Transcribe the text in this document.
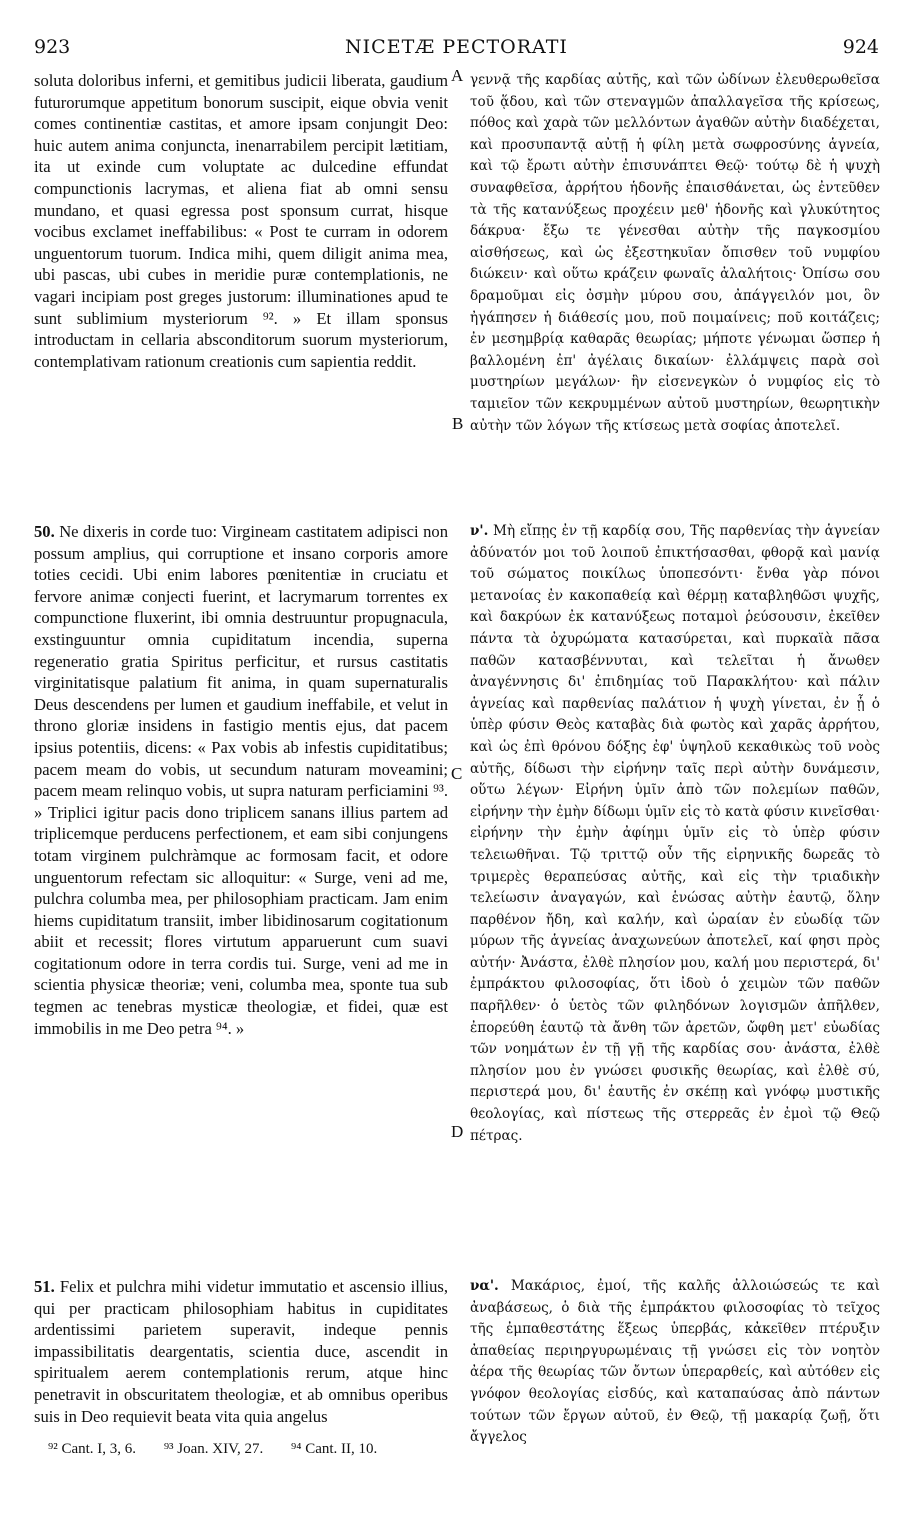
923	NICETÆ PECTORATI	924
A
B
C
D

soluta doloribus inferni, et gemitibus judicii liberata, gaudium futurorumque appetitum bonorum suscipit, eique obvia venit comes continentiæ castitas, et amore ipsam conjungit Deo: huic autem anima conjuncta, inenarrabilem percipit lætitiam, ita ut exinde cum voluptate ac dulcedine effundat compunctionis lacrymas, et aliena fiat ab omni sensu mundano, et quasi egressa post sponsum currat, hisque vocibus exclamet ineffabilibus: « Post te curram in odorem unguentorum tuorum. Indica mihi, quem diligit anima mea, ubi pascas, ubi cubes in meridie puræ contemplationis, ne vagari incipiam post greges justorum: illuminationes apud te sunt sublimium mysteriorum ⁹². » Et illam sponsus introductam in cellaria absconditorum suorum mysteriorum, contemplativam rationum creationis cum sapientia reddit.

50. Ne dixeris in corde tuo: Virgineam castitatem adipisci non possum amplius, qui corruptione et insano corporis amore toties cecidi. Ubi enim labores pœnitentiæ in cruciatu et fervore animæ conjecti fuerint, et lacrymarum torrentes ex compunctione fluxerint, ibi omnia destruuntur propugnacula, exstinguuntur omnia cupiditatum incendia, superna regeneratio gratia Spiritus perficitur, et rursus castitatis virginitatisque palatium fit anima, in quam supernaturalis Deus descendens per lumen et gaudium ineffabile, et velut in throno gloriæ insidens in fastigio mentis ejus, dat pacem ipsius potentiis, dicens: « Pax vobis ab infestis cupiditatibus; pacem meam do vobis, ut secundum naturam moveamini; pacem meam relinquo vobis, ut supra naturam perficiamini ⁹³. » Triplici igitur pacis dono triplicem sanans illius partem ad triplicemque perducens perfectionem, et eam sibi conjungens totam virginem pulchràmque ac formosam facit, et odore unguentorum refectam sic alloquitur: « Surge, veni ad me, pulchra columba mea, per philosophiam practicam. Jam enim hiems cupiditatum transiit, imber libidinosarum cogitationum abiit et recessit; flores virtutum apparuerunt cum suavi cogitationum odore in terra cordis tui. Surge, veni ad me in scientia physicæ theoriæ; veni, columba mea, sponte tua sub tegmen ac tenebras mysticæ theologiæ, et fidei, quæ est immobilis in me Deo petra ⁹⁴. »

51. Felix et pulchra mihi videtur immutatio et ascensio illius, qui per practicam philosophiam habitus in cupiditates ardentissimi parietem superavit, indeque pennis impassibilitatis deargentatis, scientia duce, ascendit in spiritualem aerem contemplationis rerum, atque hinc penetravit in obscuritatem theologiæ, et ab omnibus operibus suis in Deo requievit beata vita quia angelus

γεννᾷ τῆς καρδίας αὐτῆς, καὶ τῶν ὠδίνων ἐλευθερωθεῖσα τοῦ ᾅδου, καὶ τῶν στεναγμῶν ἀπαλλαγεῖσα τῆς κρίσεως, πόθος καὶ χαρὰ τῶν μελλόντων ἀγαθῶν αὐτὴν διαδέχεται, καὶ προσυπαντᾷ αὐτῇ ἡ φίλη μετὰ σωφροσύνης ἁγνεία, καὶ τῷ ἔρωτι αὐτὴν ἐπισυνάπτει Θεῷ· τούτῳ δὲ ἡ ψυχὴ συναφθεῖσα, ἀρρήτου ἡδονῆς ἐπαισθάνεται, ὡς ἐντεῦθεν τὰ τῆς κατανύξεως προχέειν μεθ' ἡδονῆς καὶ γλυκύτητος δάκρυα· ἔξω τε γένεσθαι αὐτὴν τῆς παγκοσμίου αἰσθήσεως, καὶ ὡς ἐξεστηκυῖαν ὄπισθεν τοῦ νυμφίου διώκειν· καὶ οὕτω κράζειν φωναῖς ἀλαλήτοις· Ὀπίσω σου δραμοῦμαι εἰς ὀσμὴν μύρου σου, ἀπάγγειλόν μοι, ὃν ἠγάπησεν ἡ διάθεσίς μου, ποῦ ποιμαίνεις; ποῦ κοιτάζεις; ἐν μεσημβρίᾳ καθαρᾶς θεωρίας; μήποτε γένωμαι ὥσπερ ἡ βαλλομένη ἐπ' ἀγέλαις δικαίων· ἐλλάμψεις παρὰ σοὶ μυστηρίων μεγάλων· ἣν εἰσενεγκὼν ὁ νυμφίος εἰς τὸ ταμιεῖον τῶν κεκρυμμένων αὐτοῦ μυστηρίων, θεωρητικὴν αὐτὴν τῶν λόγων τῆς κτίσεως μετὰ σοφίας ἀποτελεῖ.

ν'. Μὴ εἴπῃς ἐν τῇ καρδίᾳ σου, Τῆς παρθενίας τὴν ἁγνείαν ἀδύνατόν μοι τοῦ λοιποῦ ἐπικτήσασθαι, φθορᾷ καὶ μανίᾳ τοῦ σώματος ποικίλως ὑποπεσόντι· ἔνθα γὰρ πόνοι μετανοίας ἐν κακοπαθείᾳ καὶ θέρμῃ καταβληθῶσι ψυχῆς, καὶ δακρύων ἐκ κατανύξεως ποταμοὶ ῥεύσουσιν, ἐκεῖθεν πάντα τὰ ὀχυρώματα κατασύρεται, καὶ πυρκαϊὰ πᾶσα παθῶν κατασβέννυται, καὶ τελεῖται ἡ ἄνωθεν ἀναγέννησις δι' ἐπιδημίας τοῦ Παρακλήτου· καὶ πάλιν ἁγνείας καὶ παρθενίας παλάτιον ἡ ψυχὴ γίνεται, ἐν ᾗ ὁ ὑπὲρ φύσιν Θεὸς καταβὰς διὰ φωτὸς καὶ χαρᾶς ἀρρήτου, καὶ ὡς ἐπὶ θρόνου δόξης ἐφ' ὑψηλοῦ κεκαθικὼς τοῦ νοὸς αὐτῆς, δίδωσι τὴν εἰρήνην ταῖς περὶ αὐτὴν δυνάμεσιν, οὕτω λέγων· Εἰρήνη ὑμῖν ἀπὸ τῶν πολεμίων παθῶν, εἰρήνην τὴν ἐμὴν δίδωμι ὑμῖν εἰς τὸ κατὰ φύσιν κινεῖσθαι· εἰρήνην τὴν ἐμὴν ἀφίημι ὑμῖν εἰς τὸ ὑπὲρ φύσιν τελειωθῆναι. Τῷ τριττῷ οὖν τῆς εἰρηνικῆς δωρεᾶς τὸ τριμερὲς θεραπεύσας αὐτῆς, καὶ εἰς τὴν τριαδικὴν τελείωσιν ἀναγαγών, καὶ ἑνώσας αὐτὴν ἑαυτῷ, ὅλην παρθένον ἤδη, καὶ καλήν, καὶ ὡραίαν ἐν εὐωδίᾳ τῶν μύρων τῆς ἁγνείας ἀναχωνεύων ἀποτελεῖ, καί φησι πρὸς αὐτήν· Ἀνάστα, ἐλθὲ πλησίον μου, καλή μου περιστερά, δι' ἐμπράκτου φιλοσοφίας, ὅτι ἰδοὺ ὁ χειμὼν τῶν παθῶν παρῆλθεν· ὁ ὑετὸς τῶν φιληδόνων λογισμῶν ἀπῆλθεν, ἐπορεύθη ἑαυτῷ τὰ ἄνθη τῶν ἀρετῶν, ὤφθη μετ' εὐωδίας τῶν νοημάτων ἐν τῇ γῇ τῆς καρδίας σου· ἀνάστα, ἐλθὲ πλησίον μου ἐν γνώσει φυσικῆς θεωρίας, καὶ ἐλθὲ σύ, περιστερά μου, δι' ἑαυτῆς ἐν σκέπῃ καὶ γνόφῳ μυστικῆς θεολογίας, καὶ πίστεως τῆς στερρεᾶς ἐν ἐμοὶ τῷ Θεῷ πέτρας.

να'. Μακάριος, ἐμοί, τῆς καλῆς ἀλλοιώσεώς τε καὶ ἀναβάσεως, ὁ διὰ τῆς ἐμπράκτου φιλοσοφίας τὸ τεῖχος τῆς ἐμπαθεστάτης ἕξεως ὑπερβάς, κἀκεῖθεν πτέρυξιν ἀπαθείας περιηργυρωμέναις τῇ γνώσει εἰς τὸν νοητὸν ἀέρα τῆς θεωρίας τῶν ὄντων ὑπεραρθείς, καὶ αὐτόθεν εἰς γνόφον θεολογίας εἰσδύς, καὶ καταπαύσας ἀπὸ πάντων τούτων τῶν ἔργων αὐτοῦ, ἐν Θεῷ, τῇ μακαρίᾳ ζωῇ, ὅτι ἄγγελος

⁹² Cant. I, 3, 6. ⁹³ Joan. XIV, 27. ⁹⁴ Cant. II, 10.
